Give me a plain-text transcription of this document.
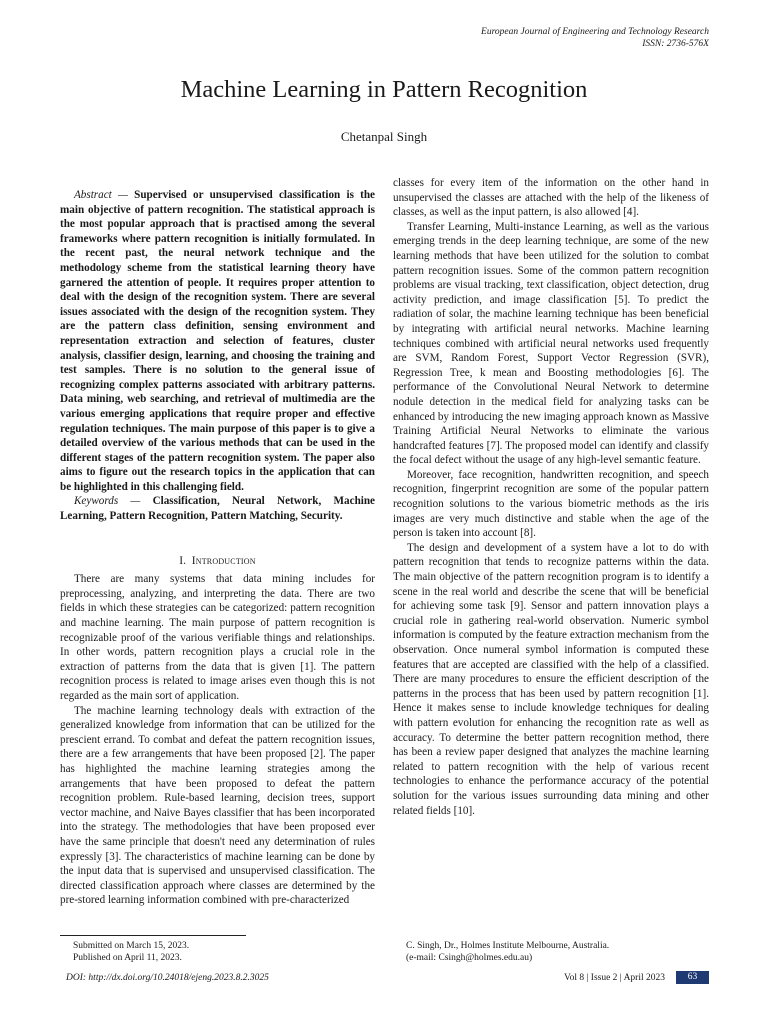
European Journal of Engineering and Technology Research
ISSN: 2736-576X
Machine Learning in Pattern Recognition
Chetanpal Singh

Abstract — Supervised or unsupervised classification is the main objective of pattern recognition. The statistical approach is the most popular approach that is practised among the several frameworks where pattern recognition is initially formulated. In the recent past, the neural network technique and the methodology scheme from the statistical learning theory have garnered the attention of people. It requires proper attention to deal with the design of the recognition system. There are several issues associated with the design of the recognition system. They are the pattern class definition, sensing environment and representation extraction and selection of features, cluster analysis, classifier design, learning, and choosing the training and test samples. There is no solution to the general issue of recognizing complex patterns associated with arbitrary patterns. Data mining, web searching, and retrieval of multimedia are the various emerging applications that require proper and effective regulation techniques. The main purpose of this paper is to give a detailed overview of the various methods that can be used in the different stages of the pattern recognition system. The paper also aims to figure out the research topics in the application that can be highlighted in this challenging field.

Keywords — Classification, Neural Network, Machine Learning, Pattern Recognition, Pattern Matching, Security.

I. Introduction

There are many systems that data mining includes for preprocessing, analyzing, and interpreting the data. There are two fields in which these strategies can be categorized: pattern recognition and machine learning. The main purpose of pattern recognition is recognizable proof of the various verifiable things and relationships. In other words, pattern recognition plays a crucial role in the extraction of patterns from the data that is given [1]. The pattern recognition process is related to image arises even though this is not regarded as the main sort of application.

The machine learning technology deals with extraction of the generalized knowledge from information that can be utilized for the prescient errand. To combat and defeat the pattern recognition issues, there are a few arrangements that have been proposed [2]. The paper has highlighted the machine learning strategies among the arrangements that have been proposed to defeat the pattern recognition problem. Rule-based learning, decision trees, support vector machine, and Naive Bayes classifier that has been incorporated into the strategy. The methodologies that have been proposed ever have the same principle that doesn't need any determination of rules expressly [3]. The characteristics of machine learning can be done by the input data that is supervised and unsupervised classification. The directed classification approach where classes are determined by the pre-stored learning information combined with pre-characterized

classes for every item of the information on the other hand in unsupervised the classes are attached with the help of the likeness of classes, as well as the input pattern, is also allowed [4].

Transfer Learning, Multi-instance Learning, as well as the various emerging trends in the deep learning technique, are some of the new learning methods that have been utilized for the solution to combat pattern recognition issues. Some of the common pattern recognition problems are visual tracking, text classification, object detection, drug activity prediction, and image classification [5]. To predict the radiation of solar, the machine learning technique has been beneficial by integrating with artificial neural networks. Machine learning techniques combined with artificial neural networks used frequently are SVM, Random Forest, Support Vector Regression (SVR), Regression Tree, k mean and Boosting methodologies [6]. The performance of the Convolutional Neural Network to determine nodule detection in the medical field for analyzing tasks can be enhanced by introducing the new imaging approach known as Massive Training Artificial Neural Networks to eliminate the various handcrafted features [7]. The proposed model can identify and classify the focal defect without the usage of any high-level semantic feature.

Moreover, face recognition, handwritten recognition, and speech recognition, fingerprint recognition are some of the popular pattern recognition solutions to the various biometric methods as the iris images are very much distinctive and stable when the age of the person is taken into account [8].

The design and development of a system have a lot to do with pattern recognition that tends to recognize patterns within the data. The main objective of the pattern recognition program is to identify a scene in the real world and describe the scene that will be beneficial for achieving some task [9]. Sensor and pattern innovation plays a crucial role in gathering real-world observation. Numeric symbol information is computed by the feature extraction mechanism from the observation. Once numeral symbol information is computed these features that are accepted are classified with the help of a classified. There are many procedures to ensure the efficient description of the patterns in the process that has been used by pattern recognition [1]. Hence it makes sense to include knowledge techniques for dealing with pattern evolution for enhancing the recognition rate as well as accuracy. To determine the better pattern recognition method, there has been a review paper designed that analyzes the machine learning related to pattern recognition with the help of various recent technologies to enhance the performance accuracy of the potential solution for the various issues surrounding data mining and other related fields [10].

Submitted on March 15, 2023.
Published on April 11, 2023.
C. Singh, Dr., Holmes Institute Melbourne, Australia.
(e-mail: Csingh@holmes.edu.au)
DOI: http://dx.doi.org/10.24018/ejeng.2023.8.2.3025	Vol 8 | Issue 2 | April 2023	63
